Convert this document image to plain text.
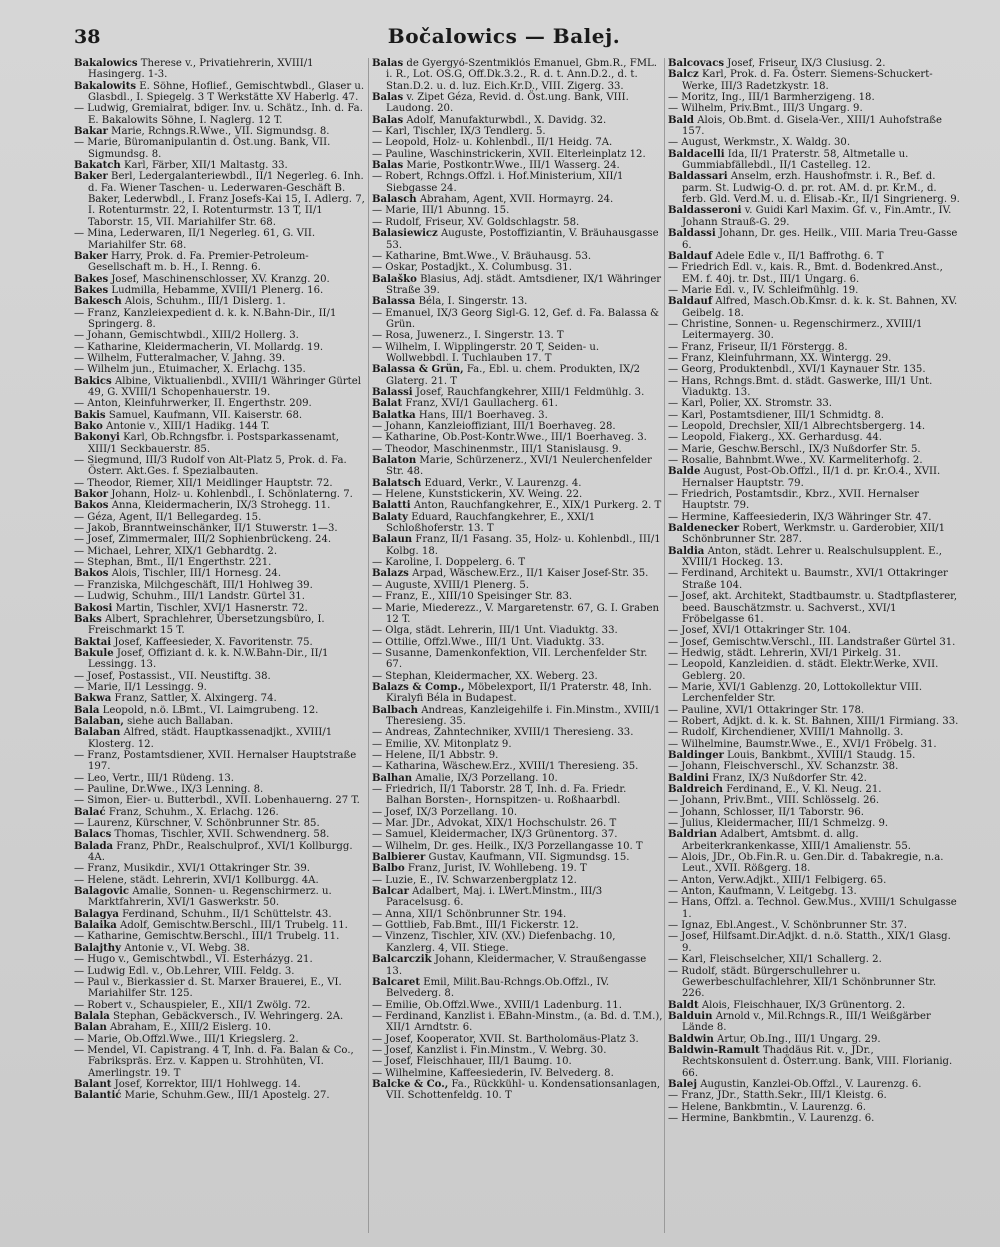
38	Bočalowics — Balej.

Bakalowics Therese v., Privatiehrerin, XVIII/1 Hasingerg. 1-3.

Bakalowits E. Söhne, Hoflief., Gemischtwbdl., Glaser u. Glasbdl., I. Spiegelg. 3 T Werkstätte XV Haberlg. 47.

— Ludwig, Gremialrat, bdiger. Inv. u. Schätz., Inh. d. Fa. E. Bakalowits Söhne, I. Naglerg. 12 T.

Bakar Marie, Rchngs.R.Wwe., VII. Sigmundsg. 8.

— Marie, Büromanipulantin d. Öst.ung. Bank, VII. Sigmundsg. 8.

Bakatch Karl, Färber, XII/1 Maltastg. 33.

Baker Berl, Ledergalanteriewbdl., II/1 Negerleg. 6. Inh. d. Fa. Wiener Taschen- u. Lederwaren-Geschäft B. Baker, Lederwbdl., I. Franz Josefs-Kai 15, I. Adlerg. 7, I. Rotenturmstr. 22, I. Rotenturmstr. 13 T, II/1 Taborstr. 15, VII. Mariahilfer Str. 68.

— Mina, Lederwaren, II/1 Negerleg. 61, G. VII. Mariahilfer Str. 68.

Baker Harry, Prok. d. Fa. Premier-Petroleum-Gesellschaft m. b. H., I. Renng. 6.

Bakes Josef, Maschinenschlosser, XV. Kranzg. 20.

Bakes Ludmilla, Hebamme, XVIII/1 Plenerg. 16.

Bakesch Alois, Schuhm., III/1 Dislerg. 1.

— Franz, Kanzleiexpedient d. k. k. N.Bahn-Dir., II/1 Springerg. 8.

— Johann, Gemischtwbdl., XIII/2 Hollerg. 3.

— Katharine, Kleidermacherin, VI. Mollardg. 19.

— Wilhelm, Futteralmacher, V. Jahng. 39.

— Wilhelm jun., Etuimacher, X. Erlachg. 135.

Bakics Albine, Viktualienbdl., XVIII/1 Währinger Gürtel 49, G. XVIII/1 Schopenhauerstr. 19.

— Anton, Kleinfuhrwerker, II. Engerthstr. 209.

Bakis Samuel, Kaufmann, VII. Kaiserstr. 68.

Bako Antonie v., XIII/1 Hadikg. 144 T.

Bakonyi Karl, Ob.Rchngsfbr. i. Postsparkassenamt, XIII/1 Seckbauerstr. 85.

— Siegmund, III/3 Rudolf von Alt-Platz 5, Prok. d. Fa. Österr. Akt.Ges. f. Spezialbauten.

— Theodor, Riemer, XII/1 Meidlinger Hauptstr. 72.

Bakor Johann, Holz- u. Kohlenbdl., I. Schönlaterng. 7.

Bakos Anna, Kleidermacherin, IX/3 Strohegg. 11.

— Géza, Agent, II/1 Bellegardeg. 15.

— Jakob, Branntweinschänker, II/1 Stuwerstr. 1—3.

— Josef, Zimmermaler, III/2 Sophienbrückeng. 24.

— Michael, Lehrer, XIX/1 Gebhardtg. 2.

— Stephan, Bmt., II/1 Engerthstr. 221.

Bakos Alois, Tischler, III/1 Hornesg. 24.

— Franziska, Milchgeschäft, III/1 Hohlweg 39.

— Ludwig, Schuhm., III/1 Landstr. Gürtel 31.

Bakosi Martin, Tischler, XVI/1 Hasnerstr. 72.

Baks Albert, Sprachlehrer, Übersetzungsbüro, I. Freischmarkt 15 T.

Baktai Josef, Kaffeesieder, X. Favoritenstr. 75.

Bakule Josef, Offiziant d. k. k. N.W.Bahn-Dir., II/1 Lessingg. 13.

— Josef, Postassist., VII. Neustiftg. 38.

— Marie, II/1 Lessingg. 9.

Bakwa Franz, Sattler, X. Alxingerg. 74.

Bala Leopold, n.ö. LBmt., VI. Laimgrubeng. 12.

Balaban, siehe auch Ballaban.

Balaban Alfred, städt. Hauptkassenadjkt., XVIII/1 Klosterg. 12.

— Franz, Postamtsdiener, XVII. Hernalser Hauptstraße 197.

— Leo, Vertr., III/1 Rüdeng. 13.

— Pauline, Dr.Wwe., IX/3 Lenning. 8.

— Simon, Eier- u. Butterbdl., XVII. Lobenhauerng. 27 T.

Balać Franz, Schuhm., X. Erlachg. 126.

— Laurenz, Kürschner, V. Schönbrunner Str. 85.

Balacs Thomas, Tischler, XVII. Schwendnerg. 58.

Balada Franz, PhDr., Realschulprof., XVI/1 Kollburgg. 4A.

— Franz, Musikdir., XVI/1 Ottakringer Str. 39.

— Helene, städt. Lehrerin, XVI/1 Kollburgg. 4A.

Balagovic Amalie, Sonnen- u. Regenschirmerz. u. Marktfahrerin, XVI/1 Gaswerkstr. 50.

Balagya Ferdinand, Schuhm., II/1 Schüttelstr. 43.

Balaika Adolf, Gemischtw.Berschl., III/1 Trubelg. 11.

— Katharine, Gemischtw.Berschl., III/1 Trubelg. 11.

Balajthy Antonie v., VI. Webg. 38.

— Hugo v., Gemischtwbdl., VI. Esterházyg. 21.

— Ludwig Edl. v., Ob.Lehrer, VIII. Feldg. 3.

— Paul v., Bierkassier d. St. Marxer Brauerei, E., VI. Mariahilfer Str. 125.

— Robert v., Schauspieler, E., XII/1 Zwölg. 72.

Balala Stephan, Gebäckversch., IV. Wehringerg. 2A.

Balan Abraham, E., XIII/2 Eislerg. 10.

— Marie, Ob.Offzl.Wwe., III/1 Kriegslerg. 2.

— Mendel, VI. Capistrang. 4 T, Inh. d. Fa. Balan & Co., Fabrikspräs. Erz. v. Kappen u. Strohhüten, VI. Amerlingstr. 19. T

Balant Josef, Korrektor, III/1 Hohlwegg. 14.

Balantić Marie, Schuhm.Gew., III/1 Apostelg. 27.

Balas de Gyergyó-Szentmiklós Emanuel, Gbm.R., FML. i. R., Lot. OS.G, Off.Dk.3.2., R. d. t. Ann.D.2., d. t. Stan.D.2. u. d. luz. Eich.Kr.D., VIII. Zigerg. 33.

Balas v. Zipet Géza, Revid. d. Öst.ung. Bank, VIII. Laudong. 20.

Balas Adolf, Manufakturwbdl., X. Davidg. 32.

— Karl, Tischler, IX/3 Tendlerg. 5.

— Leopold, Holz- u. Kohlenbdl., II/1 Heidg. 7A.

— Pauline, Waschinstrickerin, XVII. Elterleinplatz 12.

Balas Marie, Postkontr.Wwe., III/1 Wasserg. 24.

— Robert, Rchngs.Offzl. i. Hof.Ministerium, XII/1 Siebgasse 24.

Balasch Abraham, Agent, XVII. Hormayrg. 24.

— Marie, III/1 Abunng. 15.

— Rudolf, Friseur, XV. Goldschlagstr. 58.

Balasiewicz Auguste, Postoffiziantin, V. Bräuhausgasse 53.

— Katharine, Bmt.Wwe., V. Bräuhausg. 53.

— Oskar, Postadjkt., X. Columbusg. 31.

Balaško Blasius, Adj. städt. Amtsdiener, IX/1 Währinger Straße 39.

Balassa Béla, I. Singerstr. 13.

— Emanuel, IX/3 Georg Sigl-G. 12, Gef. d. Fa. Balassa & Grün.

— Rosa, Juwenerz., I. Singerstr. 13. T

— Wilhelm, I. Wipplingerstr. 20 T, Seiden- u. Wollwebbdl. I. Tuchlauben 17. T

Balassa & Grün, Fa., Ebl. u. chem. Produkten, IX/2 Glaterg. 21. T

Balassi Josef, Rauchfangkehrer, XIII/1 Feldmühlg. 3.

Balat Franz, XVI/1 Gaullacherg. 61.

Balatka Hans, III/1 Boerhaveg. 3.

— Johann, Kanzleioffiziant, III/1 Boerhaveg. 28.

— Katharine, Ob.Post-Kontr.Wwe., III/1 Boerhaveg. 3.

— Theodor, Maschinenmstr., III/1 Stanislausg. 9.

Balaton Marie, Schürzenerz., XVI/1 Neulerchenfelder Str. 48.

Balatsch Eduard, Verkr., V. Laurenzg. 4.

— Helene, Kunststickerin, XV. Weing. 22.

Balatti Anton, Rauchfangkehrer, E., XIX/1 Purkerg. 2. T

Balaty Eduard, Rauchfangkehrer, E., XXI/1 Schloßhoferstr. 13. T

Balaun Franz, II/1 Fasang. 35, Holz- u. Kohlenbdl., III/1 Kolbg. 18.

— Karoline, I. Doppelerg. 6. T

Balazs Arpad, Wäschew.Erz., II/1 Kaiser Josef-Str. 35.

— Auguste, XVIII/1 Plenerg. 5.

— Franz, E., XIII/10 Speisinger Str. 83.

— Marie, Miederezz., V. Margaretenstr. 67, G. I. Graben 12 T.

— Olga, städt. Lehrerin, III/1 Unt. Viaduktg. 33.

— Ottilie, Offzl.Wwe., III/1 Unt. Viaduktg. 33.

— Susanne, Damenkonfektion, VII. Lerchenfelder Str. 67.

— Stephan, Kleidermacher, XX. Weberg. 23.

Balazs & Comp., Möbelexport, II/1 Praterstr. 48, Inh. Kiralyfi Béla in Budapest.

Balbach Andreas, Kanzleigehilfe i. Fin.Minstm., XVIII/1 Theresieng. 35.

— Andreas, Zahntechniker, XVIII/1 Theresieng. 33.

— Emilie, XV. Mitonplatz 9.

— Helene, II/1 Abbstr. 9.

— Katharina, Wäschew.Erz., XVIII/1 Theresieng. 35.

Balhan Amalie, IX/3 Porzellang. 10.

— Friedrich, II/1 Taborstr. 28 T, Inh. d. Fa. Friedr. Balhan Borsten-, Hornspitzen- u. Roßhaarbdl.

— Josef, IX/3 Porzellang. 10.

— Mar. JDr., Advokat, XIX/1 Hochschulstr. 26. T

— Samuel, Kleidermacher, IX/3 Grünentorg. 37.

— Wilhelm, Dr. ges. Heilk., IX/3 Porzellangasse 10. T

Balbierer Gustav, Kaufmann, VII. Sigmundsg. 15.

Balbo Franz, Jurist, IV. Wohllebeng. 19. T

— Luzie, E., IV. Schwarzenbergplatz 12.

Balcar Adalbert, Maj. i. LWert.Minstm., III/3 Paracelsusg. 6.

— Anna, XII/1 Schönbrunner Str. 194.

— Gottlieb, Fab.Bmt., III/1 Fickerstr. 12.

— Vinzenz, Tischler, XIV. (XV.) Diefenbachg. 10, Kanzlerg. 4, VII. Stiege.

Balcarczik Johann, Kleidermacher, V. Straußengasse 13.

Balcaret Emil, Milit.Bau-Rchngs.Ob.Offzl., IV. Belvederg. 8.

— Emilie, Ob.Offzl.Wwe., XVIII/1 Ladenburg. 11.

— Ferdinand, Kanzlist i. EBahn-Minstm., (a. Bd. d. T.M.), XII/1 Arndtstr. 6.

— Josef, Kooperator, XVII. St. Bartholomäus-Platz 3.

— Josef, Kanzlist i. Fin.Minstm., V. Webrg. 30.

— Josef, Fleischhauer, III/1 Baumg. 10.

— Wilhelmine, Kaffeesiederin, IV. Belvederg. 8.

Balcke & Co., Fa., Rückkühl- u. Kondensationsanlagen, VII. Schottenfeldg. 10. T

Balcovacs Josef, Friseur, IX/3 Clusiusg. 2.

Balcz Karl, Prok. d. Fa. Österr. Siemens-Schuckert-Werke, III/3 Radetzkystr. 18.

— Moritz, Ing., III/1 Barmherzigeng. 18.

— Wilhelm, Priv.Bmt., III/3 Ungarg. 9.

Bald Alois, Ob.Bmt. d. Gisela-Ver., XIII/1 Auhofstraße 157.

— August, Werkmstr., X. Waldg. 30.

Baldacelli Ida, II/1 Praterstr. 58, Altmetalle u. Gummiabfällebdl., II/1 Castelleg. 12.

Baldassari Anselm, erzh. Haushofmstr. i. R., Bef. d. parm. St. Ludwig-O. d. pr. rot. AM. d. pr. Kr.M., d. ferb. Gld. Verd.M. u. d. Elisab.-Kr., II/1 Singrienerg. 9.

Baldasseroni v. Guidi Karl Maxim. Gf. v., Fin.Amtr., IV. Johann Strauß-G. 29.

Baldassi Johann, Dr. ges. Heilk., VIII. Maria Treu-Gasse 6.

Baldauf Adele Edle v., II/1 Baffrothg. 6. T

— Friedrich Edl. v., kais. R., Bmt. d. Bodenkred.Anst., EM. f. 40j. tr. Dst., III/1 Ungarg. 6.

— Marie Edl. v., IV. Schleifmühlg. 19.

Baldauf Alfred, Masch.Ob.Kmsr. d. k. k. St. Bahnen, XV. Geibelg. 18.

— Christine, Sonnen- u. Regenschirmerz., XVIII/1 Leitermayerg. 30.

— Franz, Friseur, II/1 Förstergg. 8.

— Franz, Kleinfuhrmann, XX. Wintergg. 29.

— Georg, Produktenbdl., XVI/1 Kaynauer Str. 135.

— Hans, Rchngs.Bmt. d. städt. Gaswerke, III/1 Unt. Viaduktg. 13.

— Karl, Polier, XX. Stromstr. 33.

— Karl, Postamtsdiener, III/1 Schmidtg. 8.

— Leopold, Drechsler, XII/1 Albrechtsbergerg. 14.

— Leopold, Fiakerg., XX. Gerhardusg. 44.

— Marie, Geschw.Berschl., IX/3 Nußdorfer Str. 5.

— Rosalie, Bahnbmt.Wwe., XV. Karmeliterhofg. 2.

Balde August, Post-Ob.Offzl., II/1 d. pr. Kr.O.4., XVII. Hernalser Hauptstr. 79.

— Friedrich, Postamtsdir., Kbrz., XVII. Hernalser Hauptstr. 79.

— Hermine, Kaffeesiederin, IX/3 Währinger Str. 47.

Baldenecker Robert, Werkmstr. u. Garderobier, XII/1 Schönbrunner Str. 287.

Baldia Anton, städt. Lehrer u. Realschulsupplent. E., XVIII/1 Hockeg. 13.

— Ferdinand, Architekt u. Baumstr., XVI/1 Ottakringer Straße 104.

— Josef, akt. Architekt, Stadtbaumstr. u. Stadtpflasterer, beed. Bauschätzmstr. u. Sachverst., XVI/1 Fröbelgasse 61.

— Josef, XVI/1 Ottakringer Str. 104.

— Josef, Gemischtw.Verschl., III. Landstraßer Gürtel 31.

— Hedwig, städt. Lehrerin, XVI/1 Pirkelg. 31.

— Leopold, Kanzleidien. d. städt. Elektr.Werke, XVII. Geblerg. 20.

— Marie, XVI/1 Gablenzg. 20, Lottokollektur VIII. Lerchenfelder Str.

— Pauline, XVI/1 Ottakringer Str. 178.

— Robert, Adjkt. d. k. k. St. Bahnen, XIII/1 Firmiang. 33.

— Rudolf, Kirchendiener, XVIII/1 Mahnollg. 3.

— Wilhelmine, Baumstr.Wwe., E., XVI/1 Fröbelg. 31.

Baldinger Louis, Bankbmt., XVIII/1 Staudg. 15.

— Johann, Fleischverschl., XV. Schanzstr. 38.

Baldini Franz, IX/3 Nußdorfer Str. 42.

Baldreich Ferdinand, E., V. Kl. Neug. 21.

— Johann, Priv.Bmt., VIII. Schlösselg. 26.

— Johann, Schlosser, II/1 Taborstr. 96.

— Julius, Kleidermacher, III/1 Schmelzg. 9.

Baldrian Adalbert, Amtsbmt. d. allg. Arbeiterkrankenkasse, XIII/1 Amalienstr. 55.

— Alois, JDr., Ob.Fin.R. u. Gen.Dir. d. Tabakregie, n.a. Leut., XVII. Rößgerg. 18.

— Anton, Verw.Adjkt., XIII/1 Felbigerg. 65.

— Anton, Kaufmann, V. Leitgebg. 13.

— Hans, Offzl. a. Technol. Gew.Mus., XVIII/1 Schulgasse 1.

— Ignaz, Ebl.Angest., V. Schönbrunner Str. 37.

— Josef, Hilfsamt.Dir.Adjkt. d. n.ö. Statth., XIX/1 Glasg. 9.

— Karl, Fleischselcher, XII/1 Schallerg. 2.

— Rudolf, städt. Bürgerschullehrer u. Gewerbeschulfachlehrer, XII/1 Schönbrunner Str. 226.

Baldt Alois, Fleischhauer, IX/3 Grünentorg. 2.

Balduin Arnold v., Mil.Rchngs.R., III/1 Weißgärber Lände 8.

Baldwin Artur, Ob.Ing., III/1 Ungarg. 29.

Baldwin-Ramult Thaddäus Rit. v., JDr., Rechtskonsulent d. Österr.ung. Bank, VIII. Florianig. 66.

Balej Augustin, Kanzlei-Ob.Offzl., V. Laurenzg. 6.

— Franz, JDr., Statth.Sekr., III/1 Kleistg. 6.

— Helene, Bankbmtin., V. Laurenzg. 6.

— Hermine, Bankbmtin., V. Laurenzg. 6.
